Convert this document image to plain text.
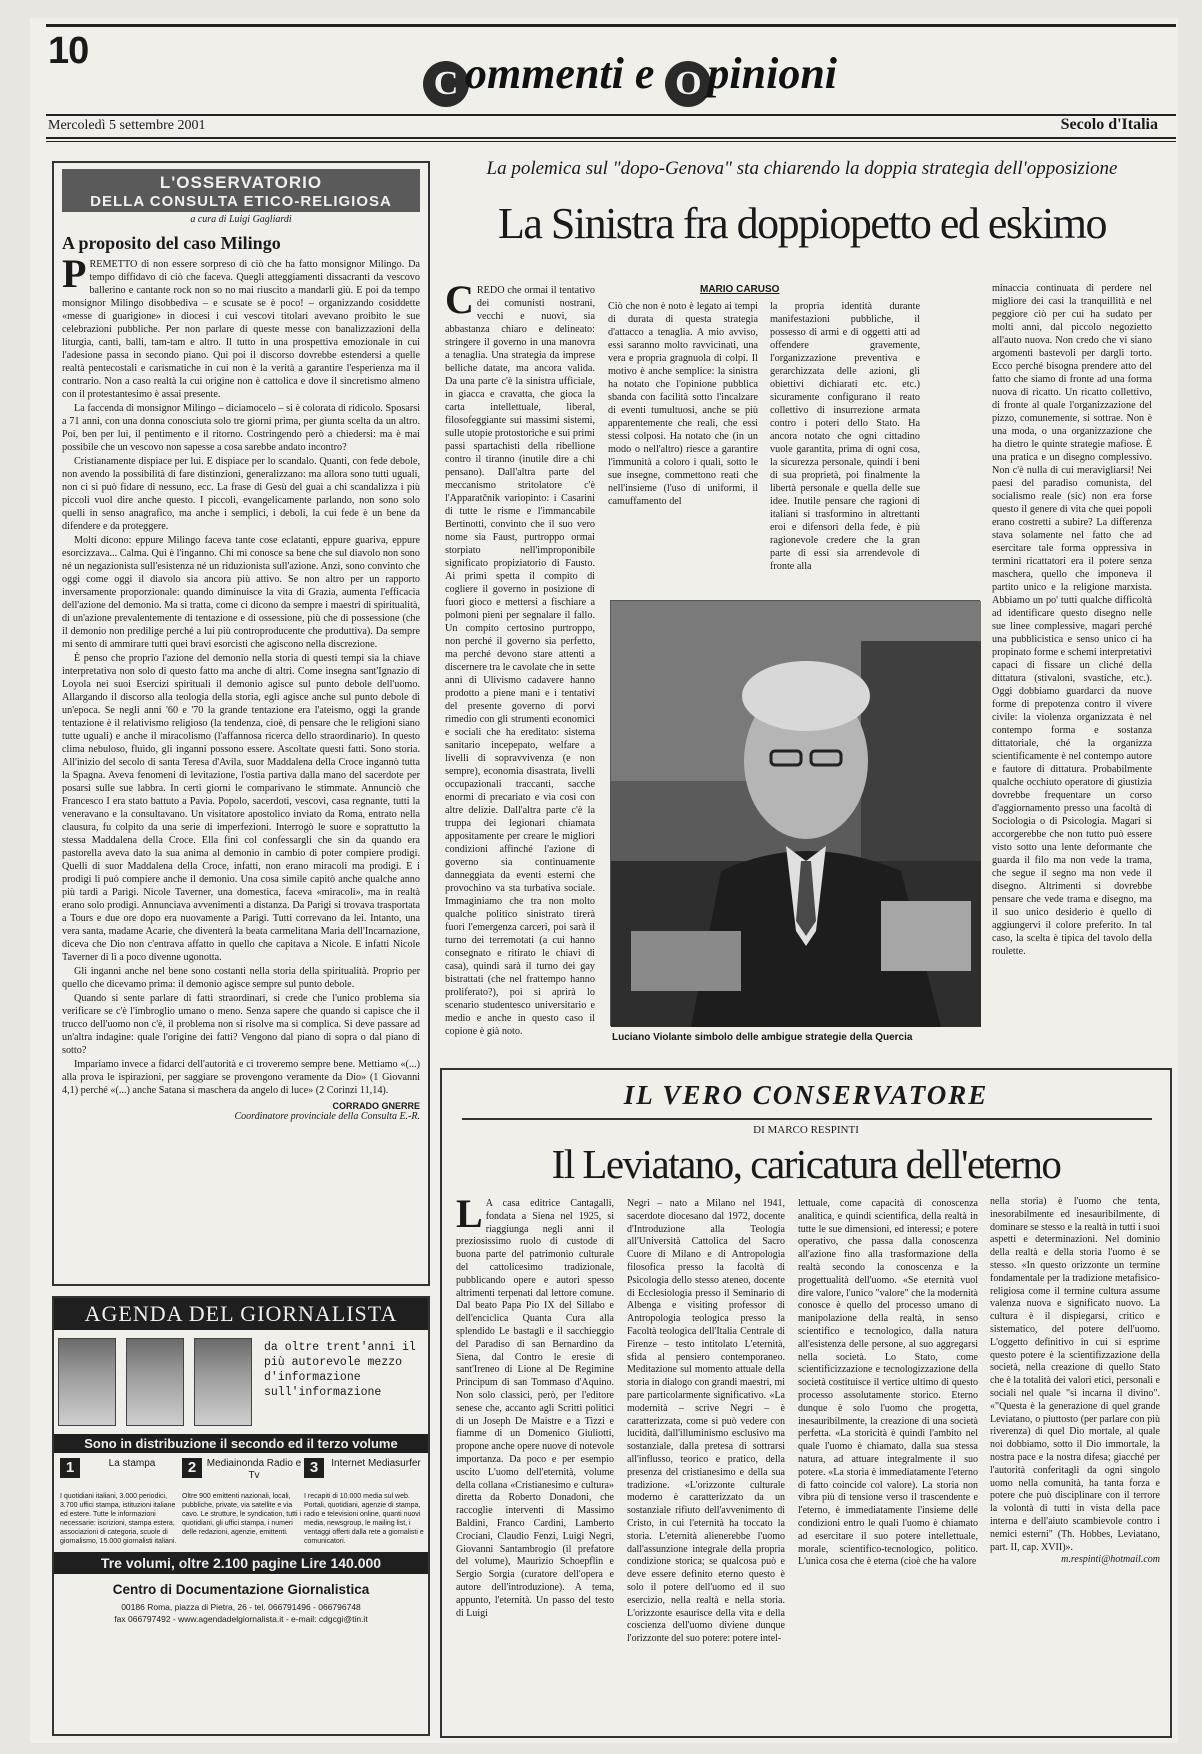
10
C ommenti e O pinioni
Mercoledì 5 settembre 2001	Secolo d'Italia
L'OSSERVATORIO
DELLA CONSULTA ETICO-RELIGIOSA
a cura di Luigi Gagliardi
A proposito del caso Milingo

PREMETTO di non essere sorpreso di ciò che ha fatto monsignor Milingo. Da tempo diffidavo di ciò che faceva. Quegli atteggiamenti dissacranti da vescovo ballerino e cantante rock non so no mai riuscito a mandarli giù. E poi da tempo monsignor Milingo disobbediva – e scusate se è poco! – organizzando cosiddette «messe di guarigione» in diocesi i cui vescovi titolari avevano proibito le sue celebrazioni pubbliche. Per non parlare di queste messe con banalizzazioni della liturgia, canti, balli, tam-tam e altro. Il tutto in una prospettiva emozionale in cui l'adesione passa in secondo piano. Qui poi il discorso dovrebbe estendersi a quelle realtà pentecostali e carismatiche in cui non è la verità a garantire l'esperienza ma il contrario. Non a caso realtà la cui origine non è cattolica e dove il sincretismo almeno con il protestantesimo è assai presente.

La faccenda di monsignor Milingo – diciamocelo – si è colorata di ridicolo. Sposarsi a 71 anni, con una donna conosciuta solo tre giorni prima, per giunta scelta da un altro. Poi, ben per lui, il pentimento e il ritorno. Costringendo però a chiedersi: ma è mai possibile che un vescovo non sapesse a cosa sarebbe andato incontro?

Cristianamente dispiace per lui. E dispiace per lo scandalo. Quanti, con fede debole, non avendo la possibilità di fare distinzioni, generalizzano: ma allora sono tutti uguali, non ci si può fidare di nessuno, ecc. La frase di Gesù del guai a chi scandalizza i più piccoli vuol dire anche questo. I piccoli, evangelicamente parlando, non sono solo quelli in senso anagrafico, ma anche i semplici, i deboli, la cui fede è un bene da difendere e da proteggere.

Molti dicono: eppure Milingo faceva tante cose eclatanti, eppure guariva, eppure esorcizzava... Calma. Qui è l'inganno. Chi mi conosce sa bene che sul diavolo non sono né un negazionista sull'esistenza né un riduzionista sull'azione. Anzi, sono convinto che oggi come oggi il diavolo sia ancora più attivo. Se non altro per un rapporto inversamente proporzionale: quando diminuisce la vita di Grazia, aumenta l'efficacia dell'azione del demonio. Ma si tratta, come ci dicono da sempre i maestri di spiritualità, di un'azione prevalentemente di tentazione e di ossessione, più che di possessione (che il demonio non predilige perché a lui più controproducente che produttiva). Da sempre mi sento di ammirare tutti quei bravi esorcisti che agiscono nella discrezione.

È penso che proprio l'azione del demonio nella storia di questi tempi sia la chiave interpretativa non solo di questo fatto ma anche di altri. Come insegna sant'Ignazio di Loyola nei suoi Esercizi spirituali il demonio agisce sul punto debole dell'uomo. Allargando il discorso alla teologia della storia, egli agisce anche sul punto debole di un'epoca. Se negli anni '60 e '70 la grande tentazione era l'ateismo, oggi la grande tentazione è il relativismo religioso (la tendenza, cioè, di pensare che le religioni siano tutte uguali) e anche il miracolismo (l'affannosa ricerca dello straordinario). In questo clima nebuloso, fluido, gli inganni possono essere. Ascoltate questi fatti. Sono storia. All'inizio del secolo di santa Teresa d'Avila, suor Maddalena della Croce ingannò tutta la Spagna. Aveva fenomeni di levitazione, l'ostia partiva dalla mano del sacerdote per posarsi sulle sue labbra. In certi giorni le comparivano le stimmate. Annunciò che Francesco I era stato battuto a Pavia. Popolo, sacerdoti, vescovi, casa regnante, tutti la veneravano e la consultavano. Un visitatore apostolico inviato da Roma, entrato nella clausura, fu colpito da una serie di imperfezioni. Interrogò le suore e soprattutto la stessa Maddalena della Croce. Ella finì col confessargli che sin da quando era pastorella aveva dato la sua anima al demonio in cambio di poter compiere prodigi. Quelli di suor Maddalena della Croce, infatti, non erano miracoli ma prodigi. E i prodigi li può compiere anche il demonio. Una cosa simile capitò anche qualche anno più tardi a Parigi. Nicole Taverner, una domestica, faceva «miracoli», ma in realtà erano solo prodigi. Annunciava avvenimenti a distanza. Da Parigi si trovava trasportata a Tours e due ore dopo era nuovamente a Parigi. Tutti correvano da lei. Intanto, una vera santa, madame Acarie, che diventerà la beata carmelitana Maria dell'Incarnazione, diceva che Dio non c'entrava affatto in quello che capitava a Nicole. E infatti Nicole Taverner di lì a poco divenne ugonotta.

Gli inganni anche nel bene sono costanti nella storia della spiritualità. Proprio per quello che dicevamo prima: il demonio agisce sempre sul punto debole.

Quando si sente parlare di fatti straordinari, si crede che l'unico problema sia verificare se c'è l'imbroglio umano o meno. Senza sapere che quando si capisce che il trucco dell'uomo non c'è, il problema non si risolve ma si complica. Si deve passare ad un'altra indagine: quale l'origine dei fatti? Vengono dal piano di sopra o dal piano di sotto?

Impariamo invece a fidarci dell'autorità e ci troveremo sempre bene. Mettiamo «(...) alla prova le ispirazioni, per saggiare se provengono veramente da Dio» (1 Giovanni 4,1) perché «(...) anche Satana si maschera da angelo di luce» (2 Corinzi 11,14).

CORRADO GNERRE
Coordinatore provinciale della Consulta E.-R.
AGENDA DEL GIORNALISTA
da oltre trent'anni il più autorevole mezzo d'informazione sull'informazione
Sono in distribuzione il secondo ed il terzo volume
1	La stampa
I quotidiani italiani, 3.000 periodici, 3.700 uffici stampa, istituzioni italiane ed estere. Tutte le informazioni necessarie: iscrizioni, stampa estera, associazioni di categoria, scuole di giornalismo, 15.000 giornalisti italiani.
2	Mediainonda Radio e Tv
Oltre 900 emittenti nazionali, locali, pubbliche, private, via satellite e via cavo. Le strutture, le syndication, tutti i quotidiani, gli uffici stampa, i numeri delle redazioni, agenzie, emittenti.
3	Internet Mediasurfer
I recapiti di 10.000 media sul web. Portali, quotidiani, agenzie di stampa, radio e televisioni online, quanti nuovi media, newsgroup, le mailing list, i ventaggi offerti dalla rete a giornalisti e comunicatori.
Tre volumi, oltre 2.100 pagine Lire 140.000
Centro di Documentazione Giornalistica
00186 Roma, piazza di Pietra, 26 - tel. 066791496 - 066796748
fax 066797492 - www.agendadelgiornalista.it - e-mail: cdgcgi@tin.it
La polemica sul "dopo-Genova" sta chiarendo la doppia strategia dell'opposizione
La Sinistra fra doppiopetto ed eskimo
MARIO CARUSO
CREDO che ormai il tentativo dei comunisti nostrani, vecchi e nuovi, sia abbastanza chiaro e delineato: stringere il governo in una manovra a tenaglia. Una strategia da imprese belliche datate, ma ancora valida. Da una parte c'è la sinistra ufficiale, in giacca e cravatta, che gioca la carta intellettuale, liberal, filosofeggiante sui massimi sistemi, sulle utopie protostoriche e sui primi passi spartachisti della ribellione contro il tiranno (inutile dire a chi pensano). Dall'altra parte del meccanismo stritolatore c'è l'Apparatčnik variopinto: i Casarini di tutte le risme e l'immancabile Bertinotti, convinto che il suo vero nome sia Faust, purtroppo ormai storpiato nell'improponibile significato propiziatorio di Fausto. Ai primi spetta il compito di cogliere il governo in posizione di fuori gioco e mettersi a fischiare a polmoni pieni per segnalare il fallo. Un compito certosino purtroppo, non perché il governo sia perfetto, ma perché devono stare attenti a discernere tra le cavolate che in sette anni di Ulivismo cadavere hanno prodotto a piene mani e i tentativi del presente governo di porvi rimedio con gli strumenti economici e sociali che ha ereditato: sistema sanitario incepepato, welfare a livelli di sopravvivenza (e non sempre), economia disastrata, livelli occupazionali traccanti, sacche enormi di precariato e via così con altre delizie. Dall'altra parte c'è la truppa dei legionari chiamata appositamente per creare le migliori condizioni affinché l'azione di governo sia continuamente danneggiata da eventi esterni che provochino va sta turbativa sociale. Immaginiamo che tra non molto qualche politico sinistrato tirerà fuori l'emergenza carceri, poi sarà il turno dei terremotati (a cui hanno consegnato e ritirato le chiavi di casa), quindi sarà il turno dei gay bistrattati (che nel frattempo hanno proliferato?), poi si aprirà lo scenario studentesco universitario e medio e anche in questo caso il copione è già noto.
Ciò che non è noto è legato ai tempi di durata di questa strategia d'attacco a tenaglia. A mio avviso, essi saranno molto ravvicinati, una vera e propria gragnuola di colpi. Il motivo è anche semplice: la sinistra ha notato che l'opinione pubblica sbanda con facilità sotto l'incalzare di eventi tumultuosi, anche se più apparentemente che reali, che essi stessi colposi. Ha notato che (in un modo o nell'altro) riesce a garantire l'immunità a coloro i quali, sotto le sue insegne, commettono reati che nell'insieme (l'uso di uniformi, il camuffamento del
la propria identità durante manifestazioni pubbliche, il possesso di armi e di oggetti atti ad offendere gravemente, l'organizzazione preventiva e gerarchizzata delle azioni, gli obiettivi dichiarati etc. etc.) sicuramente configurano il reato collettivo di insurrezione armata contro i poteri dello Stato. Ha ancora notato che ogni cittadino vuole garantita, prima di ogni cosa, la sicurezza personale, quindi i beni di sua proprietà, poi finalmente la libertà personale e quella delle sue idee. Inutile pensare che ragioni di italiani si trasformino in altrettanti eroi e difensori della fede, è più ragionevole credere che la gran parte di essi sia arrendevole di fronte alla
minaccia continuata di perdere nel migliore dei casi la tranquillità e nel peggiore ciò per cui ha sudato per molti anni, dal piccolo negozietto all'auto nuova. Non credo che vi siano argomenti bastevoli per dargli torto. Ecco perché bisogna prendere atto del fatto che siamo di fronte ad una forma nuova di ricatto. Un ricatto collettivo, di fronte al quale l'organizzazione del pizzo, comunemente, si sottrae. Non è una moda, o una organizzazione che ha dietro le quinte strategie mafiose. È una pratica e un disegno complessivo. Non c'è nulla di cui meravigliarsi! Nei paesi del paradiso comunista, del socialismo reale (sic) non era forse questo il genere di vita che quei popoli erano costretti a subire? La differenza stava solamente nel fatto che ad esercitare tale forma oppressiva in termini ricattatori era il potere senza maschera, quello che imponeva il partito unico e la religione marxista. Abbiamo un po' tutti qualche difficoltà ad identificare questo disegno nelle sue linee complessive, magari perché una pubblicistica e senso unico ci ha propinato forme e schemi interpretativi capaci di fissare un cliché della dittatura (stivaloni, svastiche, etc.). Oggi dobbiamo guardarci da nuove forme di prepotenza contro il vivere civile: la violenza organizzata è nel contempo forma e sostanza dittatoriale, ché la organizza scientificamente è nel contempo autore e fautore di dittatura. Probabilmente qualche occhiuto operatore di giustizia dovrebbe frequentare un corso d'aggiornamento presso una facoltà di Sociologia o di Psicologia. Magari si accorgerebbe che non tutto può essere visto sotto una lente deformante che guarda il filo ma non vede la trama, che segue il segno ma non vede il disegno. Altrimenti si dovrebbe pensare che vede trama e disegno, ma il suo unico desiderio è quello di aggiungervi il colore preferito. In tal caso, la scelta è tipica del tavolo della roulette.
Luciano Violante simbolo delle ambigue strategie della Quercia
IL VERO CONSERVATORE
DI MARCO RESPINTI
Il Leviatano, caricatura dell'eterno
L A casa editrice Cantagalli, fondata a Siena nel 1925, si riaggiunga negli anni il preziosissimo ruolo di custode di buona parte del patrimonio culturale del cattolicesimo tradizionale, pubblicando opere e autori spesso altrimenti terpenati dal lettore comune. Dal beato Papa Pio IX del Sillabo e dell'enciclica Quanta Cura alla splendido Le bastagli e il sacchieggio del Paradiso di san Bernardino da Siena, dal Contro le eresie di sant'Ireneo di Lione al De Regimine Principum di san Tommaso d'Aquino. Non solo classici, però, per l'editore senese che, accanto agli Scritti politici di un Joseph De Maistre e a Tizzi e fiamme di un Domenico Giuliotti, propone anche opere nuove di notevole importanza. Da poco e per esempio uscito L'uomo dell'eternità, volume della collana «Cristianesimo e cultura» diretta da Roberto Donadoni, che raccoglie interventi di Massimo Baldini, Franco Cardini, Lamberto Crociani, Claudio Fenzi, Luigi Negri, Giovanni Santambrogio (il prefatore del volume), Maurizio Schoepflin e Sergio Sorgia (curatore dell'opera e autore dell'introduzione). A tema, appunto, l'eternità. Un passo del testo di Luigi
Negri – nato a Milano nel 1941, sacerdote diocesano dal 1972, docente d'Introduzione alla Teologia all'Università Cattolica del Sacro Cuore di Milano e di Antropologia filosofica presso la facoltà di Psicologia dello stesso ateneo, docente di Ecclesiologia presso il Seminario di Albenga e visiting professor di Antropologia teologica presso la Facoltà teologica dell'Italia Centrale di Firenze – testo intitolato L'eternità, sfida al pensiero contemporaneo. Meditazione sul momento attuale della storia in dialogo con grandi maestri, mi pare particolarmente significativo. «La modernità – scrive Negri – è caratterizzata, come si può vedere con lucidità, dall'illuminismo esclusivo ma sostanziale, dalla pretesa di sottrarsi all'influsso, teorico e pratico, della presenza del cristianesimo e della sua tradizione. «L'orizzonte culturale moderno è caratterizzato da un sostanziale rifiuto dell'avvenimento di Cristo, in cui l'eternità ha toccato la storia. L'eternità alienerebbe l'uomo dall'assunzione integrale della propria condizione storica; se qualcosa può e deve essere definito eterno questo è solo il potere dell'uomo ed il suo esercizio, nella realtà e nella storia. L'orizzonte esaurisce della vita e della coscienza dell'uomo diviene dunque l'orizzonte del suo potere: potere intel-
lettuale, come capacità di conoscenza analitica, e quindi scientifica, della realtà in tutte le sue dimensioni, ed interessi; e potere operativo, che passa dalla conoscenza all'azione fino alla trasformazione della realtà secondo la conoscenza e la progettualità dell'uomo. «Se eternità vuol dire valore, l'unico "valore" che la modernità conosce è quello del processo umano di manipolazione della realtà, in senso scientifico e tecnologico, dalla natura all'esistenza delle persone, al suo aggregarsi nella società. Lo Stato, come scientificizzazione e tecnologizzazione della società costituisce il vertice ultimo di questo processo assolutamente storico. Eterno dunque è solo l'uomo che progetta, inesauribilmente, la creazione di una società perfetta. «La storicità è quindi l'ambito nel quale l'uomo è chiamato, dalla sua stessa natura, ad attuare integralmente il suo potere. «La storia è immediatamente l'eterno di fatto coincide col valore). La storia non vibra più di tensione verso il trascendente e l'eterno, è immediatamente l'insieme delle condizioni entro le quali l'uomo è chiamato ad esercitare il suo potere intellettuale, morale, scientifico-tecnologico, politico. L'unica cosa che è eterna (cioè che ha valore
nella storia) è l'uomo che tenta, inesorabilmente ed inesauribilmente, di dominare se stesso e la realtà in tutti i suoi aspetti e determinazioni. Nel dominio della realtà e della storia l'uomo è se stesso. «In questo orizzonte un termine fondamentale per la tradizione metafisico-religiosa come il termine cultura assume valenza nuova e significato nuovo. La cultura è il dispiegarsi, critico e sistematico, del potere dell'uomo. L'oggetto definitivo in cui si esprime questo potere è la scientifizzazione della società, nella creazione di quello Stato che è la totalità dei valori etici, personali e sociali nel quale "si incarna il divino". «"Questa è la generazione di quel grande Leviatano, o piuttosto (per parlare con più riverenza) di quel Dio mortale, al quale noi dobbiamo, sotto il Dio immortale, la nostra pace e la nostra difesa; giacché per l'autorità conferitagli da ogni singolo uomo nella comunità, ha tanta forza e potere che può disciplinare con il terrore la volontà di tutti in vista della pace interna e dell'aiuto scambievole contro i nemici esterni" (Th. Hobbes, Leviatano, part. II, cap. XVII)».
m.respinti@hotmail.com
